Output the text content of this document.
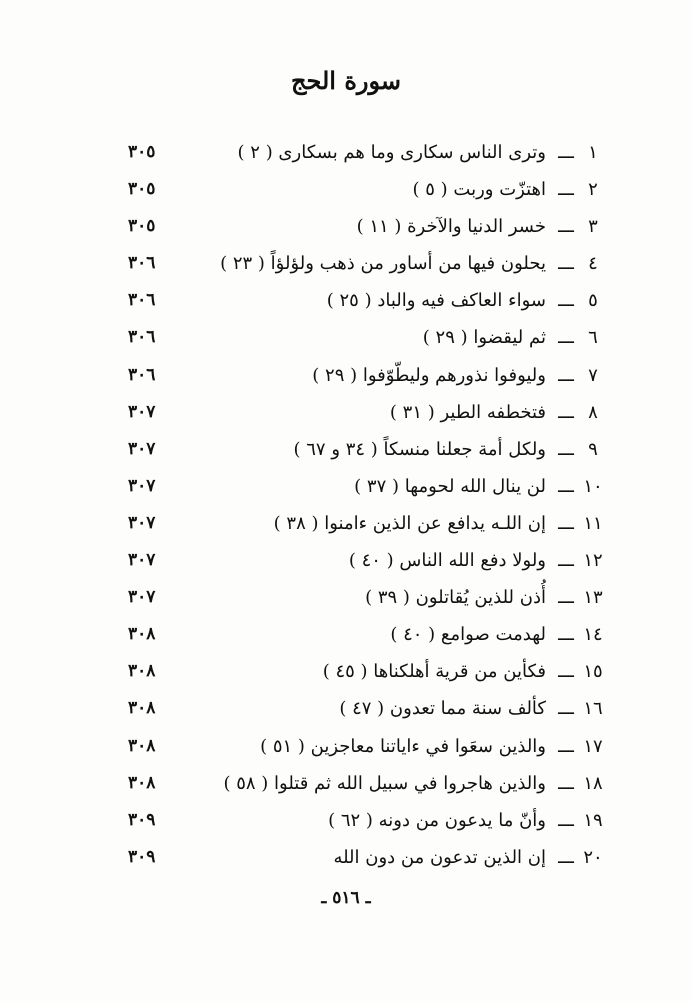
سورة الحج
١
ـــ
وترى الناس سكارى وما هم بسكارى ( ٢ )
٣٠٥
٢
ـــ
اهتزّت وربت ( ٥ )
٣٠٥
٣
ـــ
خسر الدنيا والآخرة ( ١١ )
٣٠٥
٤
ـــ
يحلون فيها من أساور من ذهب ولؤلؤاً ( ٢٣ )
٣٠٦
٥
ـــ
سواء العاكف فيه والباد ( ٢٥ )
٣٠٦
٦
ـــ
ثم ليقضوا ( ٢٩ )
٣٠٦
٧
ـــ
وليوفوا نذورهم وليطّوّفوا ( ٢٩ )
٣٠٦
٨
ـــ
فتخطفه الطير ( ٣١ )
٣٠٧
٩
ـــ
ولكل أمة جعلنا منسكاً ( ٣٤ و ٦٧ )
٣٠٧
١٠
ـــ
لن ينال الله لحومها ( ٣٧ )
٣٠٧
١١
ـــ
إن اللـه يدافع عن الذين ءامنوا ( ٣٨ )
٣٠٧
١٢
ـــ
ولولا دفع الله الناس ( ٤٠ )
٣٠٧
١٣
ـــ
أُذن للذين يُقاتلون ( ٣٩ )
٣٠٧
١٤
ـــ
لهدمت صوامع ( ٤٠ )
٣٠٨
١٥
ـــ
فكأين من قرية أهلكناها ( ٤٥ )
٣٠٨
١٦
ـــ
كألف سنة مما تعدون ( ٤٧ )
٣٠٨
١٧
ـــ
والذين سعَوا في ءاياتنا معاجزين ( ٥١ )
٣٠٨
١٨
ـــ
والذين هاجروا في سبيل الله ثم قتلوا ( ٥٨ )
٣٠٨
١٩
ـــ
وأنّ ما يدعون من دونه ( ٦٢ )
٣٠٩
٢٠
ـــ
إن الذين تدعون من دون الله
٣٠٩
ـ ٥١٦ ـ
